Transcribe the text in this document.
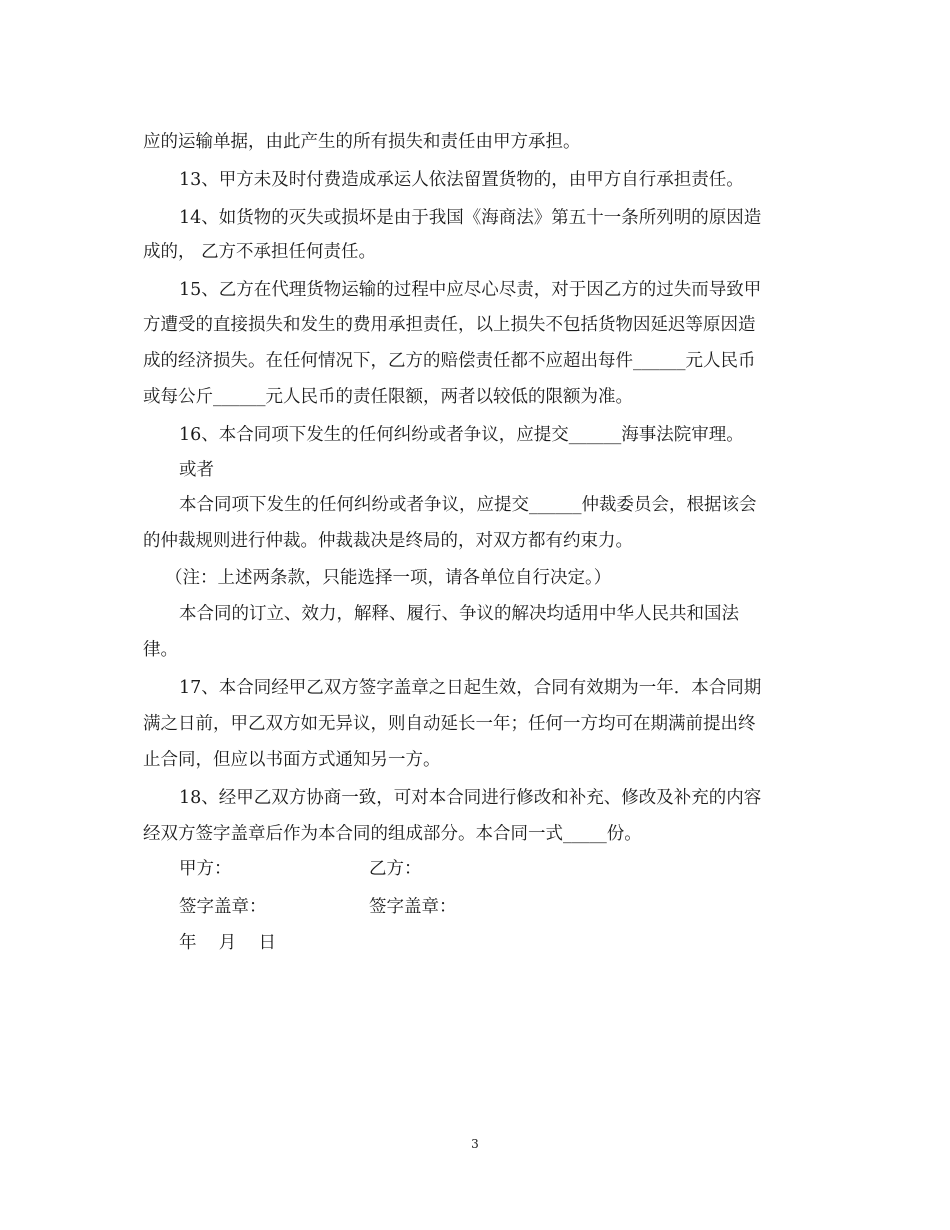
应的运输单据，由此产生的所有损失和责任由甲方承担。
13、甲方未及时付费造成承运人依法留置货物的，由甲方自行承担责任。
14、如货物的灭失或损坏是由于我国《海商法》第五十一条所列明的原因造
成的， 乙方不承担任何责任。
15、乙方在代理货物运输的过程中应尽心尽责，对于因乙方的过失而导致甲
方遭受的直接损失和发生的费用承担责任，以上损失不包括货物因延迟等原因造
成的经济损失。在任何情况下，乙方的赔偿责任都不应超出每件______元人民币
或每公斤______元人民币的责任限额，两者以较低的限额为准。
16、本合同项下发生的任何纠纷或者争议，应提交______海事法院审理。
或者
本合同项下发生的任何纠纷或者争议，应提交______仲裁委员会，根据该会
的仲裁规则进行仲裁。仲裁裁决是终局的，对双方都有约束力。
（注：上述两条款，只能选择一项，请各单位自行决定。）
本合同的订立、效力，解释、履行、争议的解决均适用中华人民共和国法
律。
17、本合同经甲乙双方签字盖章之日起生效，合同有效期为一年．本合同期
满之日前，甲乙双方如无异议，则自动延长一年；任何一方均可在期满前提出终
止合同，但应以书面方式通知另一方。
18、经甲乙双方协商一致，可对本合同进行修改和补充、修改及补充的内容
经双方签字盖章后作为本合同的组成部分。本合同一式_____份。
甲方：	乙方：
签字盖章：	签字盖章：
年    月    日
3
